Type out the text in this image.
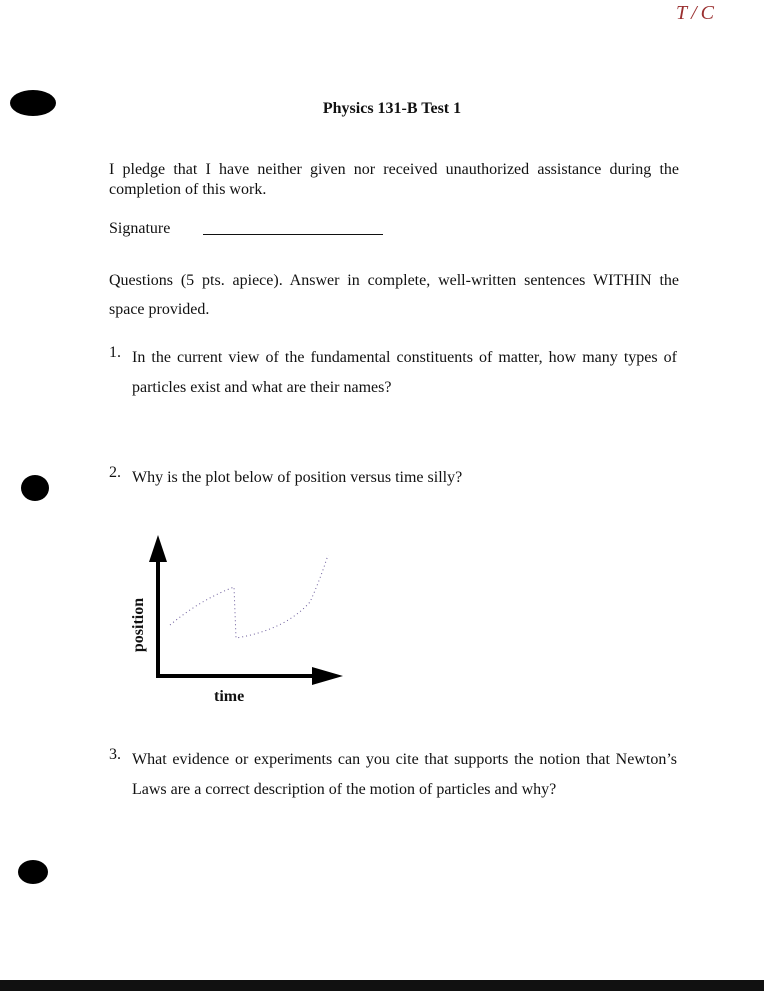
T/C
Physics 131-B Test 1
I pledge that I have neither given nor received unauthorized assistance during the completion of this work.
Signature
Questions (5 pts. apiece). Answer in complete, well-written sentences WITHIN the space provided.
1. In the current view of the fundamental constituents of matter, how many types of particles exist and what are their names?
2. Why is the plot below of position versus time silly?
position
time
3. What evidence or experiments can you cite that supports the notion that Newton’s Laws are a correct description of the motion of particles and why?
